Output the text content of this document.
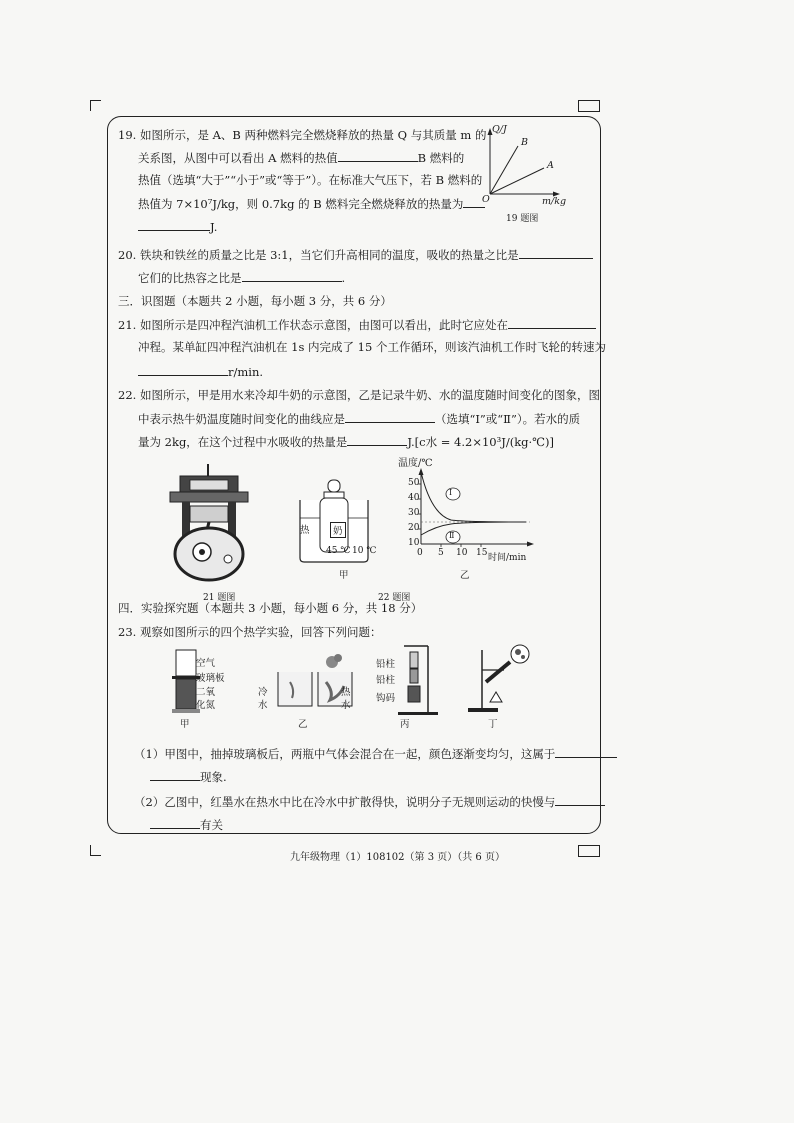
19. 如图所示，是 A、B 两种燃料完全燃烧释放的热量 Q 与其质量 m 的
关系图，从图中可以看出 A 燃料的热值	B 燃料的
热值（选填“大于”“小于”或“等于”）。在标准大气压下，若 B 燃料的
热值为 7×10⁷J/kg，则 0.7kg 的 B 燃料完全燃烧释放的热量为
J.
Q/J
B
A
O	m/kg
19 题图
20. 铁块和铁丝的质量之比是 3:1，当它们升高相同的温度，吸收的热量之比是
它们的比热容之比是	.
三．识图题（本题共 2 小题，每小题 3 分，共 6 分）
21. 如图所示是四冲程汽油机工作状态示意图，由图可以看出，此时它应处在
冲程。某单缸四冲程汽油机在 1s 内完成了 15 个工作循环，则该汽油机工作时飞轮的转速为
r/min.
22. 如图所示，甲是用水来冷却牛奶的示意图，乙是记录牛奶、水的温度随时间变化的图象，图
中表示热牛奶温度随时间变化的曲线应是	（选填“Ⅰ”或“Ⅱ”）。若水的质
量为 2kg，在这个过程中水吸收的热量是	J.[c水 = 4.2×10³J/(kg·℃)]
21 题图
热	奶
45 ℃ 10 ℃
甲
温度/℃
50
40
30
20
10
0 5 10 15 时间/min
Ⅰ
Ⅱ
乙
22 题图
四．实验探究题（本题共 3 小题，每小题 6 分，共 18 分）
23. 观察如图所示的四个热学实验，回答下列问题：
空气
玻璃板
二氧
化氮
甲
冷
水
热
水
乙
铅柱
铅柱
钩码
丙	丁
（1）甲图中，抽掉玻璃板后，两瓶中气体会混合在一起，颜色逐渐变均匀，这属于
现象.
（2）乙图中，红墨水在热水中比在冷水中扩散得快，说明分子无规则运动的快慢与
有关
九年级物理（1）108102（第 3 页）（共 6 页）
